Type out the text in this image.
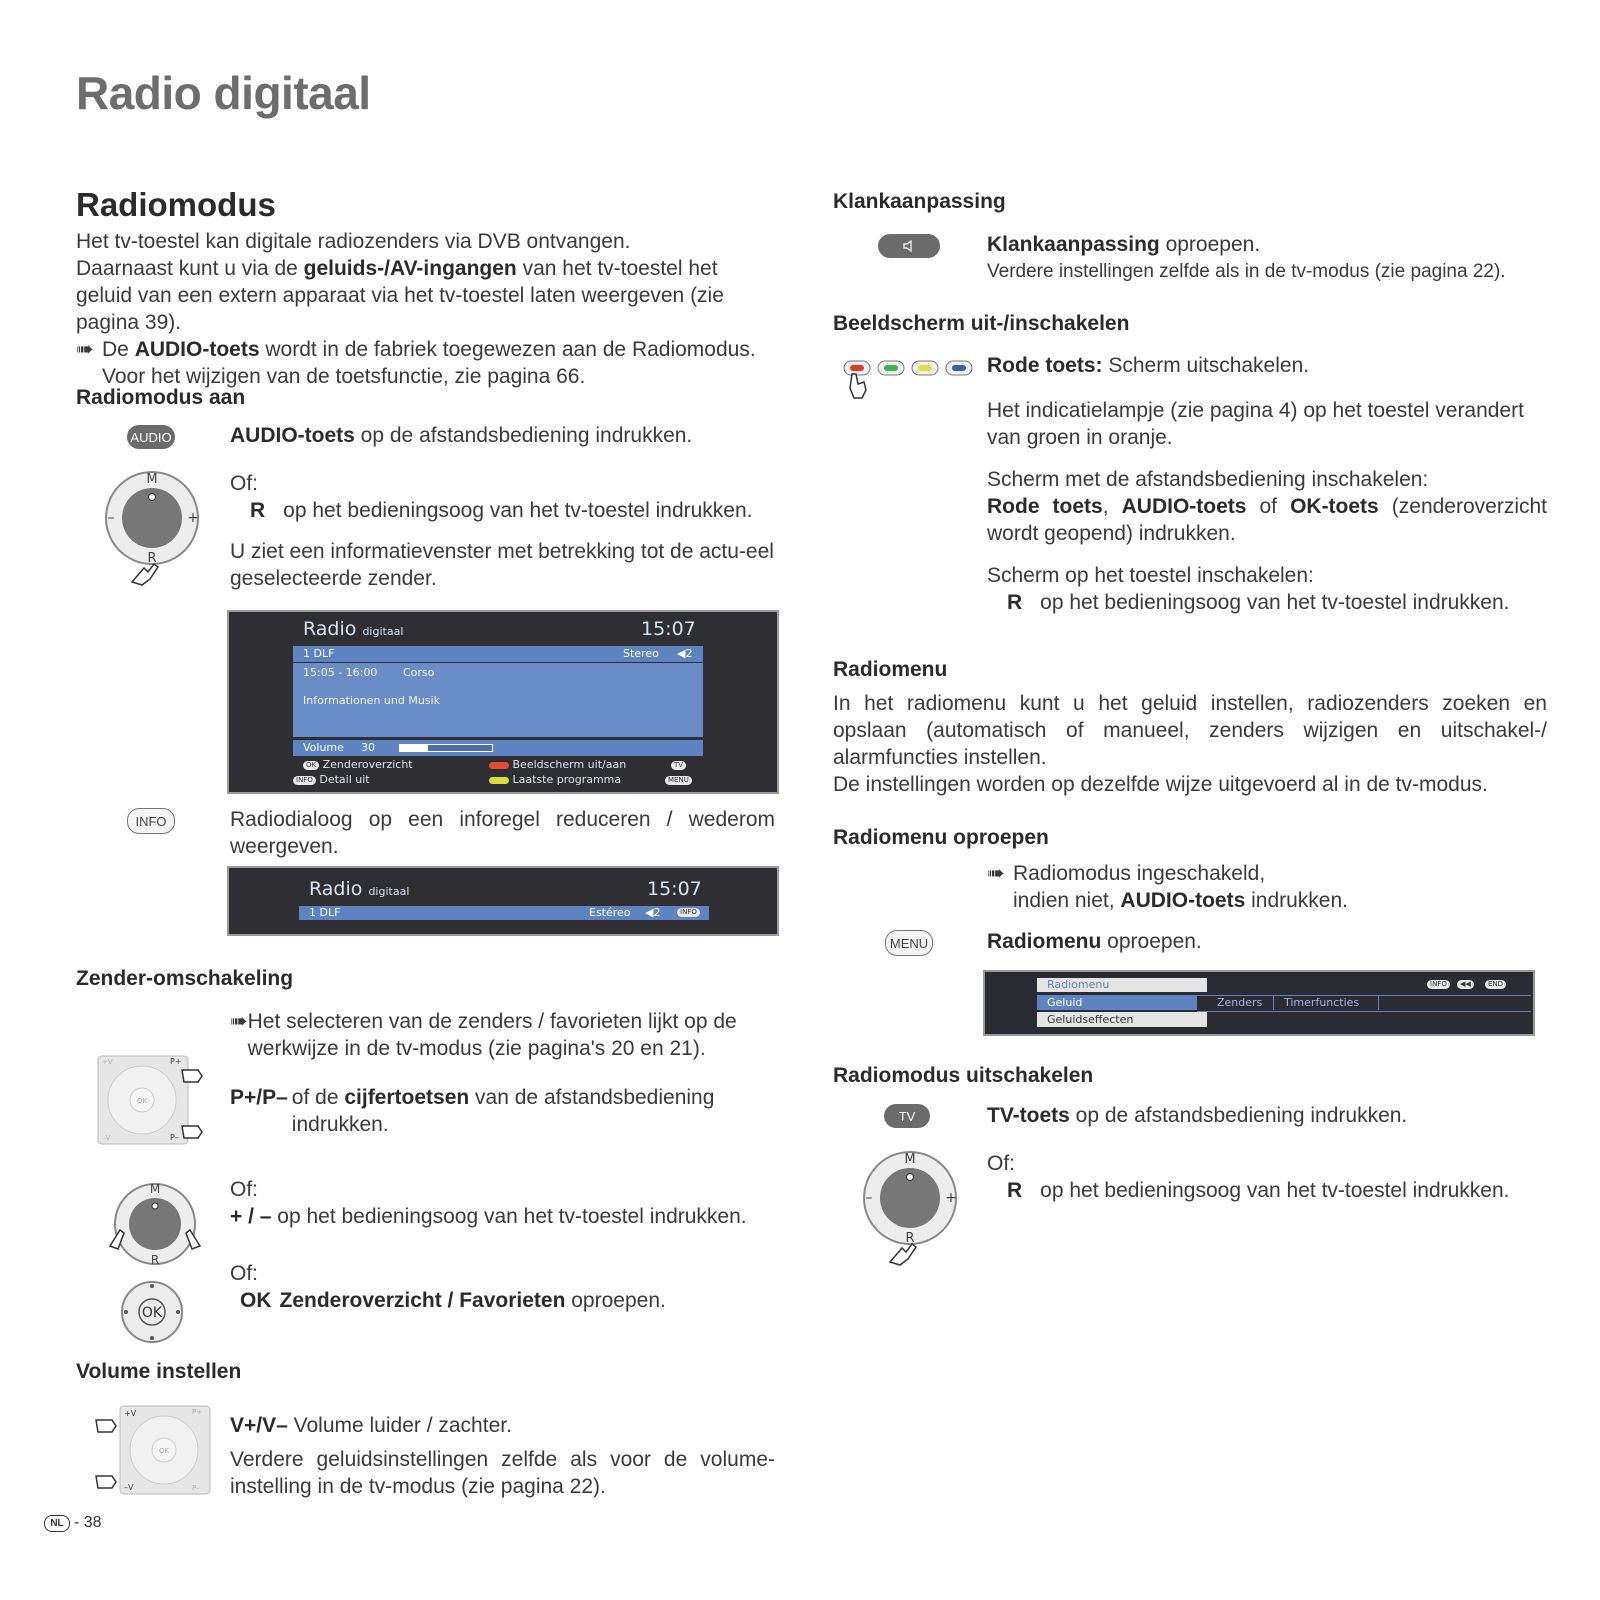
Radio digitaal
Radiomodus
Het tv-toestel kan digitale radiozenders via DVB ontvangen.
Daarnaast kunt u via de geluids-/AV-ingangen van het tv-toestel het geluid van een extern apparaat via het tv-toestel laten weergeven (zie pagina 39).
➠ De AUDIO-toets wordt in de fabriek toegewezen aan de Radiomodus.
Voor het wijzigen van de toetsfunctie, zie pagina 66.
Radiomodus aan
AUDIO	AUDIO-toets op de afstandsbediening indrukken.
M
R
–	+
Of:
R op het bedieningsoog van het tv-toestel indrukken.
U ziet een informatievenster met betrekking tot de actu-eel geselecteerde zender.
Radio digitaal	15:07
1 DLF	Stereo ◀2
15:05 - 16:00 Corso
Informationen und Musik
Volume 30
OK Zenderoverzicht
INFO Detail uit
Beeldscherm uit/aan
Laatste programma
TV
MENU
INFO	Radiodialoog op een inforegel reduceren / wederom weergeven.
Radio digitaal	15:07
1 DLF	Estéreo ◀2	INFO
Zender-omschakeling
➠ Het selecteren van de zenders / favorieten lijkt op de werkwijze in de tv-modus (zie pagina's 20 en 21).
OK
+V
–V
P+
P–
P+/P– of de cijfertoetsen van de afstandsbediening indrukken.
M
R
Of:
+ / – op het bedieningsoog van het tv-toestel indrukken.
OK
Of:
OK Zenderoverzicht / Favorieten oproepen.
Volume instellen
OK
+V
–V
P+
P–
V+/V– Volume luider / zachter.
Verdere geluidsinstellingen zelfde als voor de volume-instelling in de tv-modus (zie pagina 22).
Klankaanpassing
Klankaanpassing oproepen.
Verdere instellingen zelfde als in de tv-modus (zie pagina 22).
Beeldscherm uit-/inschakelen
Rode toets: Scherm uitschakelen.
Het indicatielampje (zie pagina 4) op het toestel verandert van groen in oranje.
Scherm met de afstandsbediening inschakelen:
Rode toets, AUDIO-toets of OK-toets (zenderoverzicht wordt geopend) indrukken.
Scherm op het toestel inschakelen:
R op het bedieningsoog van het tv-toestel indrukken.
Radiomenu
In het radiomenu kunt u het geluid instellen, radiozenders zoeken en opslaan (automatisch of manueel, zenders wijzigen en uitschakel-/ alarmfuncties instellen.
De instellingen worden op dezelfde wijze uitgevoerd al in de tv-modus.
Radiomenu oproepen
➠ Radiomodus ingeschakeld,
indien niet, AUDIO-toets indrukken.
MENU	Radiomenu oproepen.
Radiomenu
Geluid
Geluidseffecten
Zenders	Timerfuncties
INFO	◀◀	END
Radiomodus uitschakelen
TV	TV-toets op de afstandsbediening indrukken.
M
R
–	+
Of:
R op het bedieningsoog van het tv-toestel indrukken.
NL - 38
